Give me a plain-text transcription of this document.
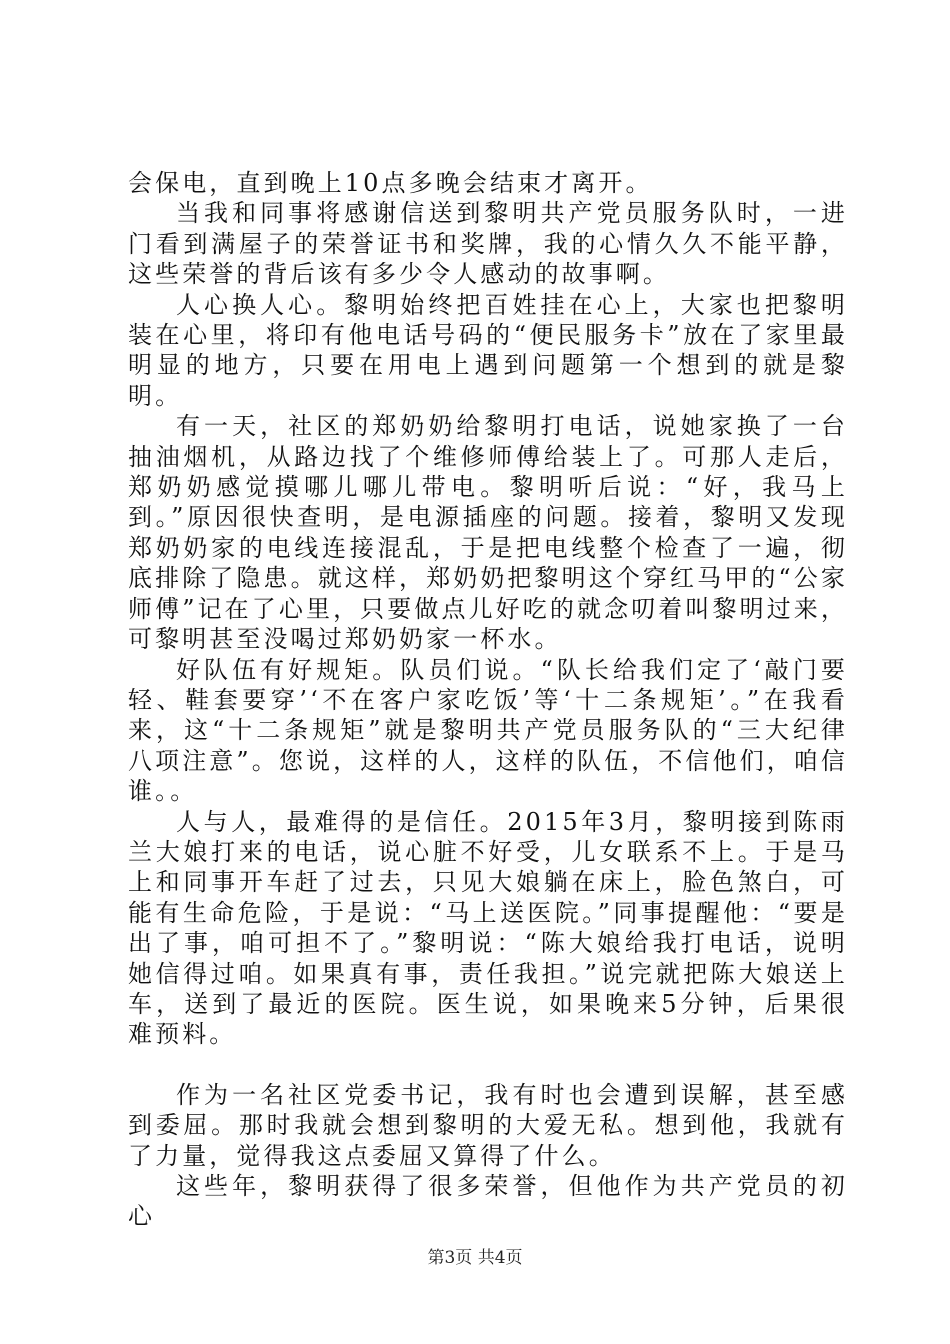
会保电，直到晚上10点多晚会结束才离开。

当我和同事将感谢信送到黎明共产党员服务队时，一进门看到满屋子的荣誉证书和奖牌，我的心情久久不能平静，这些荣誉的背后该有多少令人感动的故事啊。

人心换人心。黎明始终把百姓挂在心上，大家也把黎明装在心里，将印有他电话号码的“便民服务卡”放在了家里最明显的地方，只要在用电上遇到问题第一个想到的就是黎明。

有一天，社区的郑奶奶给黎明打电话，说她家换了一台抽油烟机，从路边找了个维修师傅给装上了。可那人走后，郑奶奶感觉摸哪儿哪儿带电。黎明听后说：“好，我马上到。”原因很快查明，是电源插座的问题。接着，黎明又发现郑奶奶家的电线连接混乱，于是把电线整个检查了一遍，彻底排除了隐患。就这样，郑奶奶把黎明这个穿红马甲的“公家师傅”记在了心里，只要做点儿好吃的就念叨着叫黎明过来，可黎明甚至没喝过郑奶奶家一杯水。

好队伍有好规矩。队员们说。“队长给我们定了‘敲门要轻、鞋套要穿’‘不在客户家吃饭’等‘十二条规矩’。”在我看来，这“十二条规矩”就是黎明共产党员服务队的“三大纪律八项注意”。您说，这样的人，这样的队伍，不信他们，咱信谁。。

人与人，最难得的是信任。2015年3月，黎明接到陈雨兰大娘打来的电话，说心脏不好受，儿女联系不上。于是马上和同事开车赶了过去，只见大娘躺在床上，脸色煞白，可能有生命危险，于是说：“马上送医院。”同事提醒他：“要是出了事，咱可担不了。”黎明说：“陈大娘给我打电话，说明她信得过咱。如果真有事，责任我担。”说完就把陈大娘送上车，送到了最近的医院。医生说，如果晚来5分钟，后果很难预料。

作为一名社区党委书记，我有时也会遭到误解，甚至感到委屈。那时我就会想到黎明的大爱无私。想到他，我就有了力量，觉得我这点委屈又算得了什么。

这些年，黎明获得了很多荣誉，但他作为共产党员的初心

第3页 共4页
